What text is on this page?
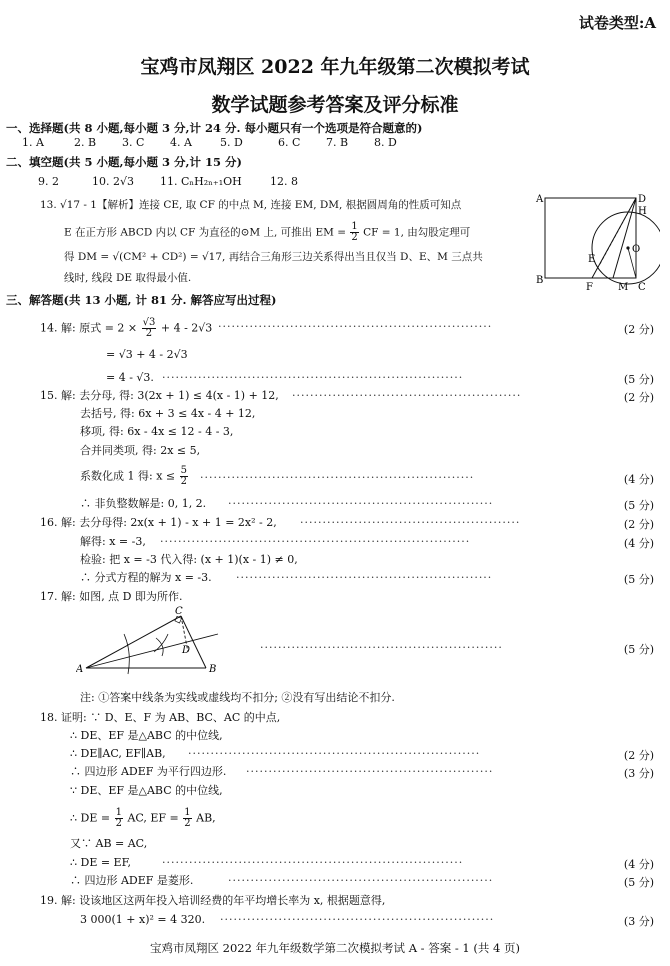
试卷类型:A
宝鸡市凤翔区 2022 年九年级第二次模拟考试
数学试题参考答案及评分标准
一、选择题(共 8 小题,每小题 3 分,计 24 分. 每小题只有一个选项是符合题意的)
1. A	2. B 3. C 4. A	5. D	6. C 7. B 8. D
二、填空题(共 5 小题,每小题 3 分,计 15 分)
9. 2	10. 2√3 11. CₙH₂ₙ₊₁OH	12. 8
13. √17 - 1【解析】连接 CE, 取 CF 的中点 M, 连接 EM, DM, 根据圆周角的性质可知点
E 在正方形 ABCD 内以 CF 为直径的⊙M 上, 可推出 EM = $\frac{1}{2}$ CF = 1, 由勾股定理可
得 DM = √(CM² + CD²) = √17, 再结合三角形三边关系得出当且仅当 D、E、M 三点共
线时, 线段 DE 取得最小值.
A
B
C
D
E
F
H
M
O
三、解答题(共 13 小题, 计 81 分. 解答应写出过程)
14. 解: 原式 = $2 \times \frac{√3}{2} + 4 - 2√3$ ·····························································	(2 分)
= √3 + 4 - 2√3
= 4 - √3. ···································································	(5 分)
15. 解: 去分母, 得: 3(2x + 1) ≤ 4(x - 1) + 12, ···················································	(2 分)
去括号, 得: 6x + 3 ≤ 4x - 4 + 12,
移项, 得: 6x - 4x ≤ 12 - 4 - 3,
合并同类项, 得: 2x ≤ 5,
系数化成 1 得: $x \le \frac{5}{2}$ ·····························································	(4 分)
∴ 非负整数解是: 0, 1, 2. ···························································	(5 分)
16. 解: 去分母得: 2x(x + 1) - x + 1 = 2x² - 2, ·················································	(2 分)
解得: x = -3, ·····································································	(4 分)
检验: 把 x = -3 代入得: (x + 1)(x - 1) ≠ 0,
∴ 分式方程的解为 x = -3. ·························································	(5 分)
17. 解: 如图, 点 D 即为所作.
A	B
C
D	······················································	(5 分)
注: ①答案中线条为实线或虚线均不扣分; ②没有写出结论不扣分.
18. 证明: ∵ D、E、F 为 AB、BC、AC 的中点,
∴ DE、EF 是△ABC 的中位线,
∴ DE∥AC, EF∥AB, ·································································	(2 分)
∴ 四边形 ADEF 为平行四边形. ·······················································	(3 分)
∵ DE、EF 是△ABC 的中位线,
∴ DE = $\frac{1}{2}$ AC, EF = $\frac{1}{2}$ AB,
又∵ AB = AC,
∴ DE = EF,	···································································	(4 分)
∴ 四边形 ADEF 是菱形.	···························································	(5 分)
19. 解: 设该地区这两年投入培训经费的年平均增长率为 x, 根据题意得,
3 000(1 + x)² = 4 320. ·····························································	(3 分)
宝鸡市凤翔区 2022 年九年级数学第二次模拟考试 A - 答案 - 1 (共 4 页)
